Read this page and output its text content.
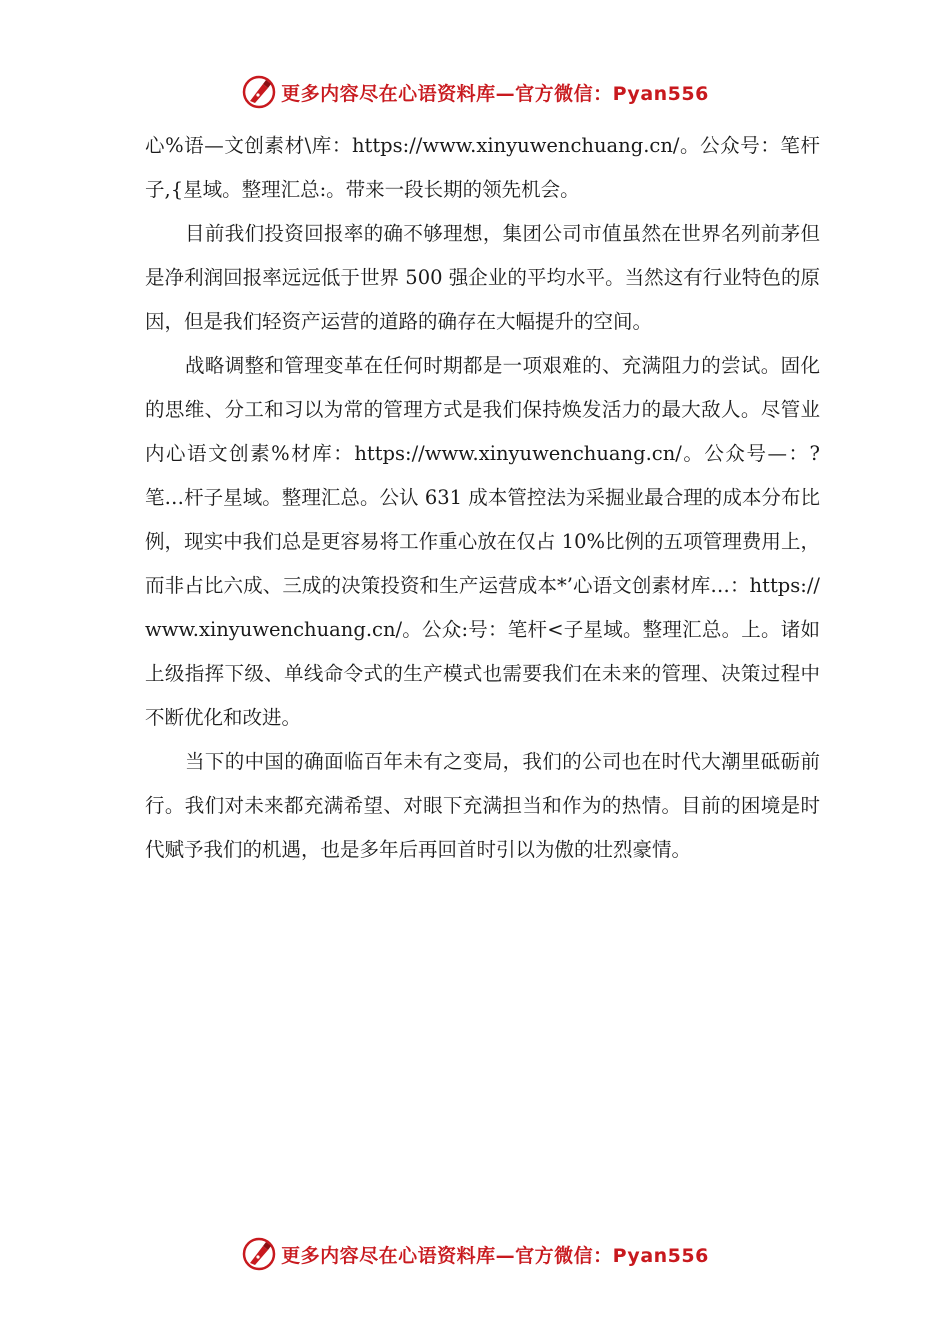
更多内容尽在心语资料库—官方微信：Pyan556

心%语—文创素材\库：https://www.xinyuwenchuang.cn/。公众号：笔杆子,{星域。整理汇总:。带来一段长期的领先机会。

目前我们投资回报率的确不够理想，集团公司市值虽然在世界名列前茅但是净利润回报率远远低于世界 500 强企业的平均水平。当然这有行业特色的原因，但是我们轻资产运营的道路的确存在大幅提升的空间。

战略调整和管理变革在任何时期都是一项艰难的、充满阻力的尝试。固化的思维、分工和习以为常的管理方式是我们保持焕发活力的最大敌人。尽管业内心语文创素%材库：https://www.xinyuwenchuang.cn/。公众号—：?笔…杆子星域。整理汇总。公认 631 成本管控法为采掘业最合理的成本分布比例，现实中我们总是更容易将工作重心放在仅占 10%比例的五项管理费用上，而非占比六成、三成的决策投资和生产运营成本*’心语文创素材库…：https://www.xinyuwenchuang.cn/。公众:号：笔杆<子星域。整理汇总。上。诸如上级指挥下级、单线命令式的生产模式也需要我们在未来的管理、决策过程中不断优化和改进。

当下的中国的确面临百年未有之变局，我们的公司也在时代大潮里砥砺前行。我们对未来都充满希望、对眼下充满担当和作为的热情。目前的困境是时代赋予我们的机遇，也是多年后再回首时引以为傲的壮烈豪情。

更多内容尽在心语资料库—官方微信：Pyan556
